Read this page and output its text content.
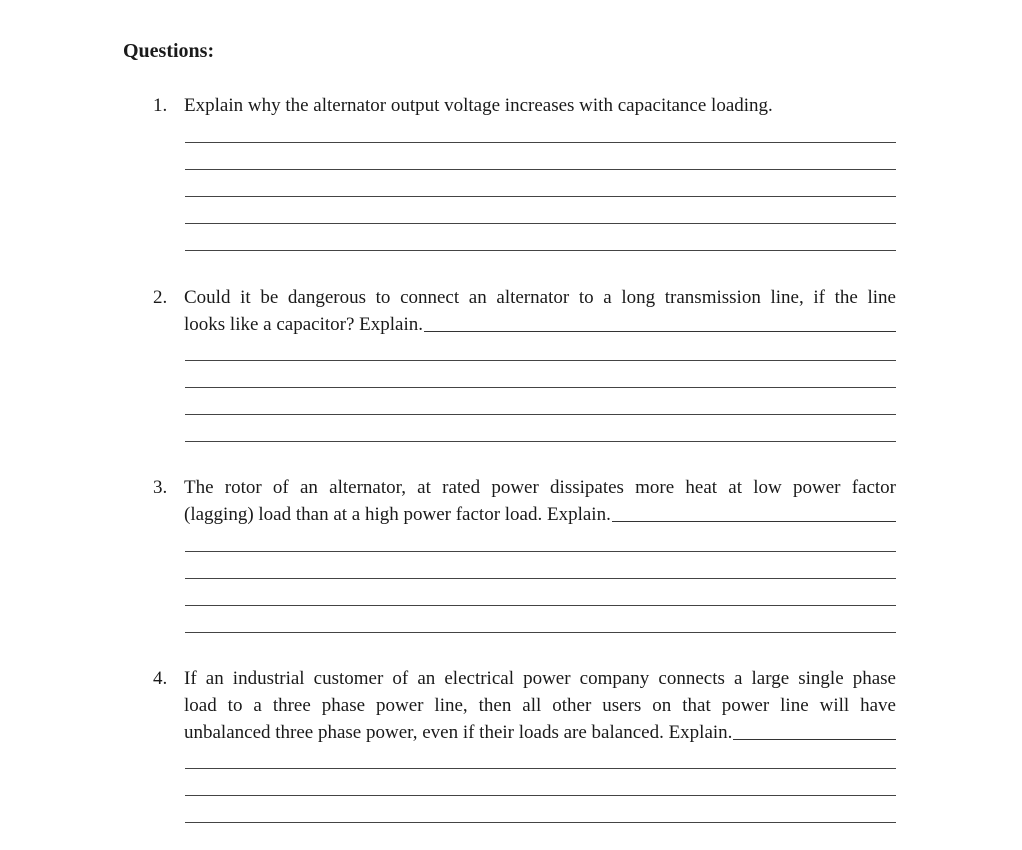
Questions:
1. Explain why the alternator output voltage increases with capacitance loading.
2. Could it be dangerous to connect an alternator to a long transmission line, if the line
looks like a capacitor? Explain.
3. The rotor of an alternator, at rated power dissipates more heat at low power factor
(lagging) load than at a high power factor load. Explain.
4. If an industrial customer of an electrical power company connects a large single phase
load to a three phase power line, then all other users on that power line will have
unbalanced three phase power, even if their loads are balanced. Explain.
